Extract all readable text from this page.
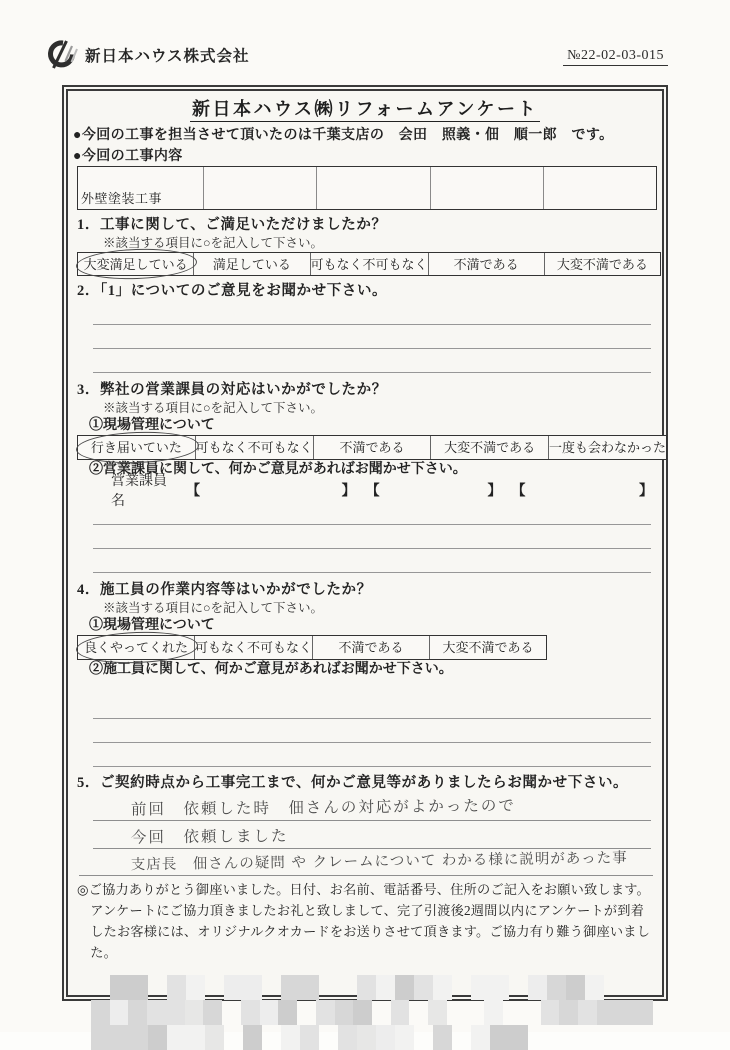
新日本ハウス株式会社	№22-02-03-015
新日本ハウス㈱リフォームアンケート

●今回の工事を担当させて頂いたのは千葉支店の　会田　照義・佃　順一郎　です。

●今回の工事内容

外壁塗装工事

1．工事に関して、ご満足いただけましたか？

※該当する項目に○を記入して下さい。

大変満足している	満足している	可もなく不可もなく	不満である	大変不満である

2．「1」についてのご意見をお聞かせ下さい。

3．弊社の営業課員の対応はいかがでしたか？

※該当する項目に○を記入して下さい。

①現場管理について

行き届いていた	可もなく不可もなく	不満である	大変不満である	一度も会わなかった

②営業課員に関して、何かご意見があればお聞かせ下さい。

営業課員名
【	】 【	】 【	】

4．施工員の作業内容等はいかがでしたか？

※該当する項目に○を記入して下さい。

①現場管理について

良くやってくれた 可もなく不可もなく	不満である	大変不満である

②施工員に関して、何かご意見があればお聞かせ下さい。

5．ご契約時点から工事完工まで、何かご意見等がありましたらお聞かせ下さい。

前回　依頼した時　佃さんの対応がよかったので
今回　依頼しました
支店長　佃さんの疑問 や クレームについて わかる様に説明があった事

◎ご協力ありがとう御座いました。日付、お名前、電話番号、住所のご記入をお願い致します。アンケートにご協力頂きましたお礼と致しまして、完了引渡後2週間以内にアンケートが到着したお客様には、オリジナルクオカードをお送りさせて頂きます。ご協力有り難う御座いました。
